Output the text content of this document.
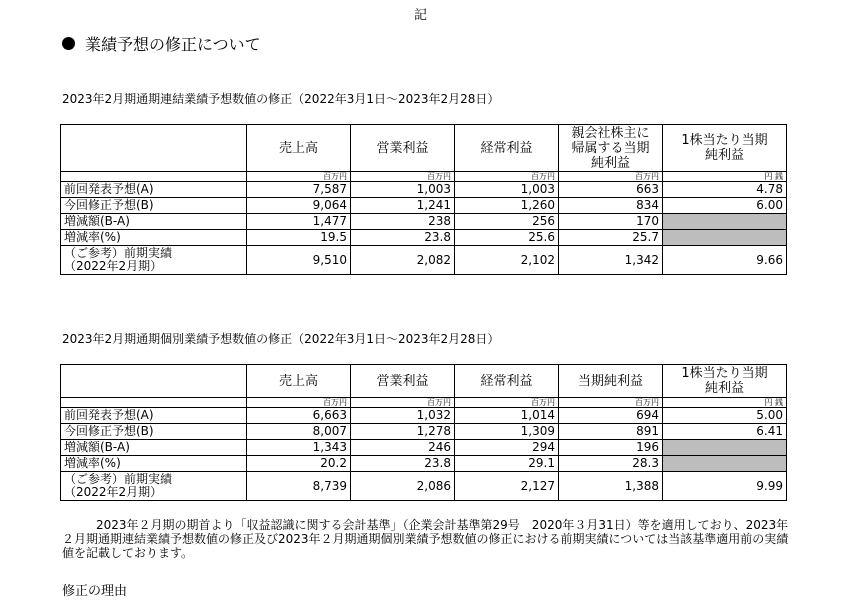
記
業績予想の修正について
2023年2月期通期連結業績予想数値の修正（2022年3月1日～2023年2月28日）
	売上高	営業利益	経常利益	親会社株主に帰属する当期純利益	1株当たり当期純利益
	百万円	百万円	百万円	百万円	円 銭
前回発表予想(A)	7,587	1,003	1,003	663	4.78
今回修正予想(B)	9,064	1,241	1,260	834	6.00
増減額(B-A)	1,477	238	256	170	
増減率(%)	19.5	23.8	25.6	25.7	

（ご参考）前期実績
（2022年2月期）	9,510	2,082	2,102	1,342	9.66
2023年2月期通期個別業績予想数値の修正（2022年3月1日～2023年2月28日）
	売上高	営業利益	経常利益	当期純利益	1株当たり当期純利益
	百万円	百万円	百万円	百万円	円 銭
前回発表予想(A)	6,663	1,032	1,014	694	5.00
今回修正予想(B)	8,007	1,278	1,309	891	6.41
増減額(B-A)	1,343	246	294	196	
増減率(%)	20.2	23.8	29.1	28.3	

（ご参考）前期実績
（2022年2月期）	8,739	2,086	2,127	1,388	9.99
2023年２月期の期首より「収益認識に関する会計基準」（企業会計基準第29号　2020年３月31日）等を適用しており、2023年２月期通期連結業績予想数値の修正及び2023年２月期通期個別業績予想数値の修正における前期実績については当該基準適用前の実績値を記載しております。
修正の理由
